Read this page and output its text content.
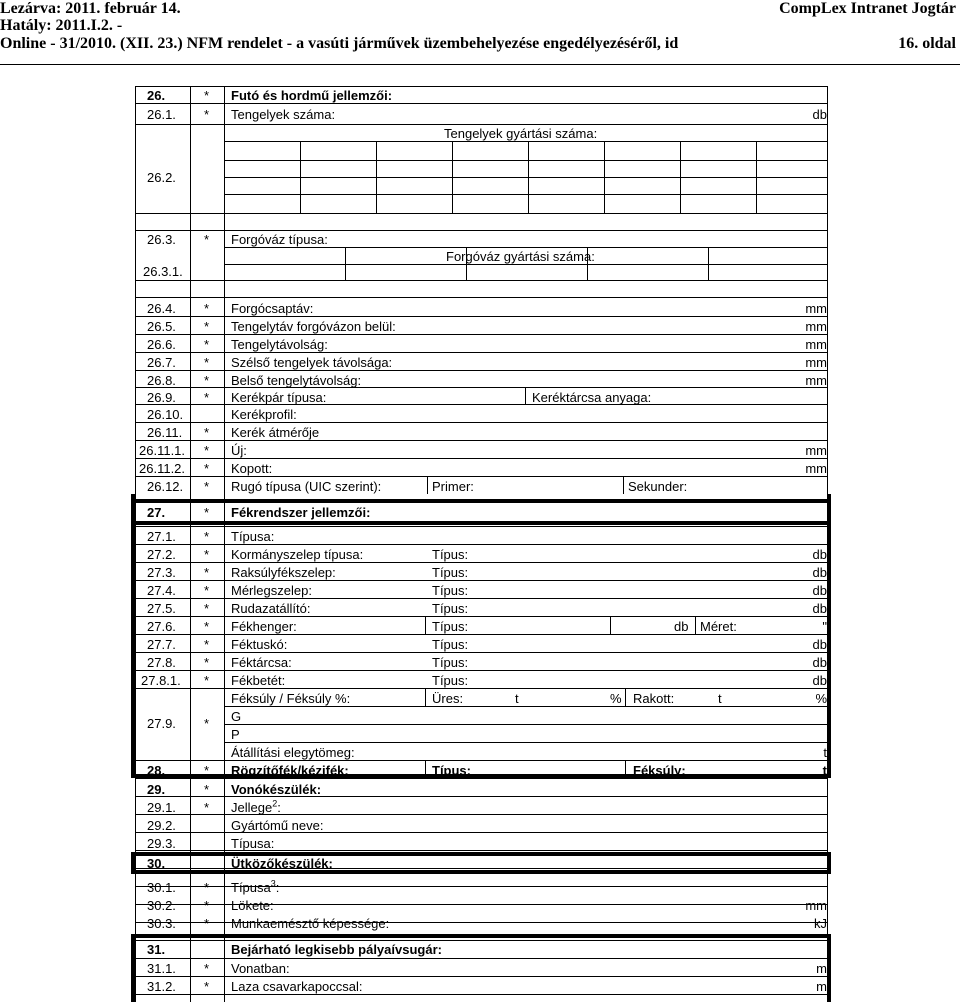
Lezárva: 2011. február 14.	CompLex Intranet Jogtár
Hatály: 2011.I.2. -
Online - 31/2010. (XII. 23.) NFM rendelet - a vasúti járművek üzembehelyezése engedélyezéséről, id	16. oldal
26.	* Futó és hordmű jellemzői:
26.1. * Tengelyek száma:	db
Tengelyek gyártási száma:
26.2.
26.3. * Forgóváz típusa:
Forgóváz gyártási száma:
26.3.1.
26.4. * Forgócsaptáv:	mm
26.5. * Tengelytáv forgóvázon belül:	mm
26.6. * Tengelytávolság:	mm
26.7. * Szélső tengelyek távolsága:	mm
26.8. * Belső tengelytávolság:	mm
26.9. * Kerékpár típusa:	Keréktárcsa anyaga:
26.10.	Kerékprofil:
26.11. * Kerék átmérője
26.11.1. * Új:	mm
26.11.2. * Kopott:	mm
26.12. * Rugó típusa (UIC szerint):	Primer:	Sekunder:
27.	* Fékrendszer jellemzői:
27.1. * Típusa:
27.2. * Kormányszelep típusa:	Típus:	db
27.3. * Raksúlyfékszelep:	Típus:	db
27.4. * Mérlegszelep:	Típus:	db
27.5. * Rudazatállító:	Típus:	db
27.6. * Fékhenger:	Típus:	db Méret:	"
27.7. * Féktuskó:	Típus:	db
27.8. * Féktárcsa:	Típus:	db
27.8.1. * Fékbetét:	Típus:	db
Féksúly / Féksúly %:	Üres:	t	% Rakott:	t	%
27.9. * G
P
Átállítási elegytömeg:	t
28.	* Rögzítőfék/kézifék:	Típus:	Féksúly:	t
29.	* Vonókészülék:
29.1. * Jellege$^2$:
29.2.	Gyártómű neve:
29.3.	Típusa:
30.	Ütközőkészülék:
30.1. * Típusa$^3$:
30.2. * Lökete:	mm
30.3. * Munkaemésztő képessége:	kJ
31.	Bejárható legkisebb pályaívsugár:
31.1. * Vonatban:	m
31.2. * Laza csavarkapoccsal:	m
